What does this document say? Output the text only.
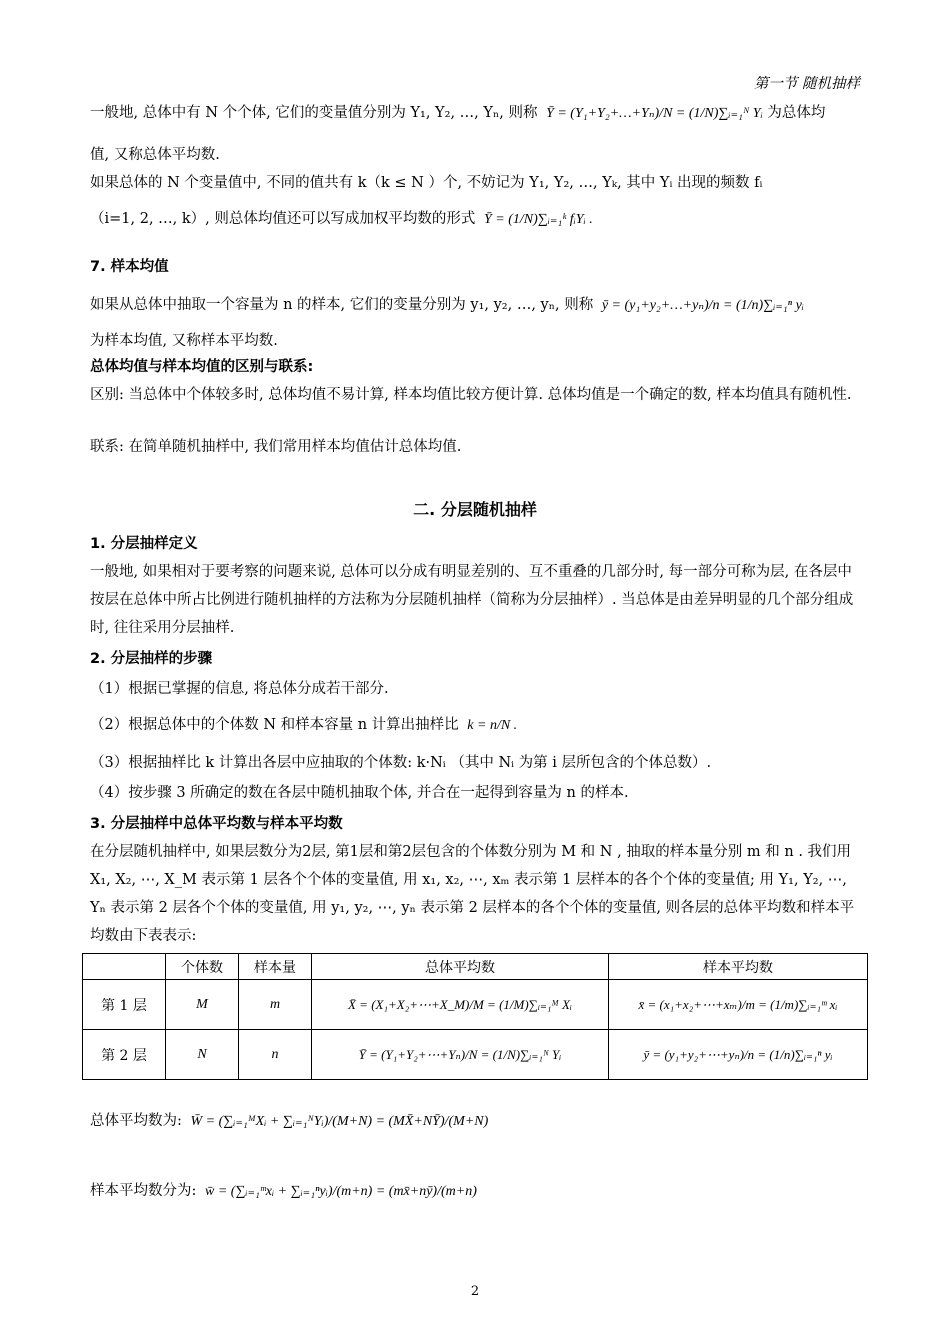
第一节 随机抽样
一般地, 总体中有 N 个个体, 它们的变量值分别为 Y₁, Y₂, …, Yₙ, 则称 Ȳ = (Y₁+Y₂+…+Yₙ)/N = (1/N)∑ᵢ₌₁ᴺ Yᵢ 为总体均
值, 又称总体平均数.
如果总体的 N 个变量值中, 不同的值共有 k（k ≤ N ）个, 不妨记为 Y₁, Y₂, …, Yₖ, 其中 Yᵢ 出现的频数 fᵢ
（i=1, 2, …, k）, 则总体均值还可以写成加权平均数的形式 Ȳ = (1/N)∑ᵢ₌₁ᵏ fᵢYᵢ .
7. 样本均值
如果从总体中抽取一个容量为 n 的样本, 它们的变量分别为 y₁, y₂, …, yₙ, 则称 ȳ = (y₁+y₂+…+yₙ)/n = (1/n)∑ᵢ₌₁ⁿ yᵢ
为样本均值, 又称样本平均数.
总体均值与样本均值的区别与联系:
区别: 当总体中个体较多时, 总体均值不易计算, 样本均值比较方便计算. 总体均值是一个确定的数, 样本均值具有随机性.
联系: 在简单随机抽样中, 我们常用样本均值估计总体均值.
二. 分层随机抽样
1. 分层抽样定义
一般地, 如果相对于要考察的问题来说, 总体可以分成有明显差别的、互不重叠的几部分时, 每一部分可称为层, 在各层中按层在总体中所占比例进行随机抽样的方法称为分层随机抽样（简称为分层抽样）. 当总体是由差异明显的几个部分组成时, 往往采用分层抽样.
2. 分层抽样的步骤
（1）根据已掌握的信息, 将总体分成若干部分.
（2）根据总体中的个体数 N 和样本容量 n 计算出抽样比 k = n/N .
（3）根据抽样比 k 计算出各层中应抽取的个体数: k·Nᵢ （其中 Nᵢ 为第 i 层所包含的个体总数）.
（4）按步骤 3 所确定的数在各层中随机抽取个体, 并合在一起得到容量为 n 的样本.
3. 分层抽样中总体平均数与样本平均数
在分层随机抽样中, 如果层数分为2层, 第1层和第2层包含的个体数分别为 M 和 N , 抽取的样本量分别 m 和 n . 我们用 X₁, X₂, ⋯, X_M 表示第 1 层各个个体的变量值, 用 x₁, x₂, ⋯, xₘ 表示第 1 层样本的各个个体的变量值; 用 Y₁, Y₂, ⋯, Yₙ 表示第 2 层各个个体的变量值, 用 y₁, y₂, ⋯, yₙ 表示第 2 层样本的各个个体的变量值, 则各层的总体平均数和样本平均数由下表表示:
	个体数	样本量	总体平均数	样本平均数
第 1 层	M	m	X̄ = (X₁+X₂+⋯+X_M)/M = (1/M)∑ᵢ₌₁ᴹ Xᵢ	x̄ = (x₁+x₂+⋯+xₘ)/m = (1/m)∑ᵢ₌₁ᵐ xᵢ
第 2 层	N	n	Ȳ = (Y₁+Y₂+⋯+Yₙ)/N = (1/N)∑ᵢ₌₁ᴺ Yᵢ	ȳ = (y₁+y₂+⋯+yₙ)/n = (1/n)∑ᵢ₌₁ⁿ yᵢ
总体平均数为: W̄ = (∑ᵢ₌₁ᴹXᵢ + ∑ᵢ₌₁ᴺYᵢ)/(M+N) = (MX̄+NȲ)/(M+N)
样本平均数分为: w̄ = (∑ᵢ₌₁ᵐxᵢ + ∑ᵢ₌₁ⁿyᵢ)/(m+n) = (mx̄+nȳ)/(m+n)
2
